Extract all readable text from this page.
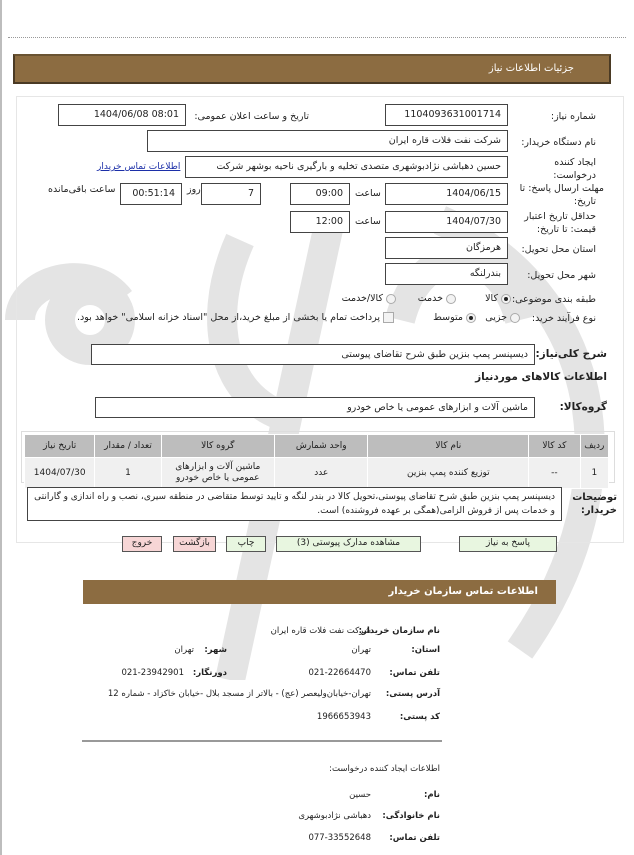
جزئیات اطلاعات نیاز
شماره نیاز:
1104093631001714
تاریخ و ساعت اعلان عمومی:
1404/06/08 08:01
نام دستگاه خریدار:
شرکت نفت فلات قاره ایران
ایجاد کننده
درخواست:
حسین دهباشی نژادبوشهری متصدی تخلیه و بارگیری ناحیه بوشهر شرکت
اطلاعات تماس خریدار
مهلت ارسال پاسخ: تا
تاریخ:
1404/06/15
ساعت
09:00
7
روز
00:51:14
ساعت باقی‌مانده
حداقل تاریخ اعتبار
قیمت: تا تاریخ:
1404/07/30
ساعت
12:00
استان محل تحویل:
هرمزگان
شهر محل تحویل:
بندرلنگه
طبقه بندی موضوعی:
کالا
خدمت
کالا/خدمت
نوع فرآیند خرید:
جزیی
متوسط
پرداخت تمام یا بخشی از مبلغ خرید،از محل "اسناد خزانه اسلامی" خواهد بود.
شرح کلی‌نیاز:
دیسپنسر پمپ بنزین طبق شرح تقاضای پیوستی
اطلاعات کالاهای موردنیاز
گروه‌کالا:
ماشین آلات و ابزارهای عمومی یا خاص خودرو
ردیف	کد کالا	نام کالا	واحد شمارش	گروه کالا	تعداد / مقدار	تاریخ نیاز
1	--	توزیع کننده پمپ بنزین	عدد	ماشین آلات و ابزارهای عمومی یا خاص خودرو	1	1404/07/30
توضیحات خریدار:
دیسپنسر پمپ بنزین طبق شرح تقاضای پیوستی،تحویل کالا در بندر لنگه و تایید توسط متقاضی در منطقه سیری، نصب و راه اندازی و گارانتی و خدمات پس از فروش الزامی(همگی بر عهده فروشنده) است.
پاسخ به نیاز
مشاهده مدارک پیوستی (3)
چاپ
بازگشت
خروج
اطلاعات تماس سازمان خریدار
نام سازمان خریدار:
شرکت نفت فلات قاره ایران
استان:
تهران
شهر:
تهران
تلفن تماس:
021-22664470
دورنگار:
021-23942901
آدرس پستی:
تهران-خیابان‌ولیعصر (عج) - بالاتر از مسجد بلال -خیابان خاکزاد - شماره 12
کد پستی:
1966653943
اطلاعات ایجاد کننده درخواست:
نام:
حسین
نام خانوادگی:
دهباشی نژادبوشهری
تلفن تماس:
077-33552648
